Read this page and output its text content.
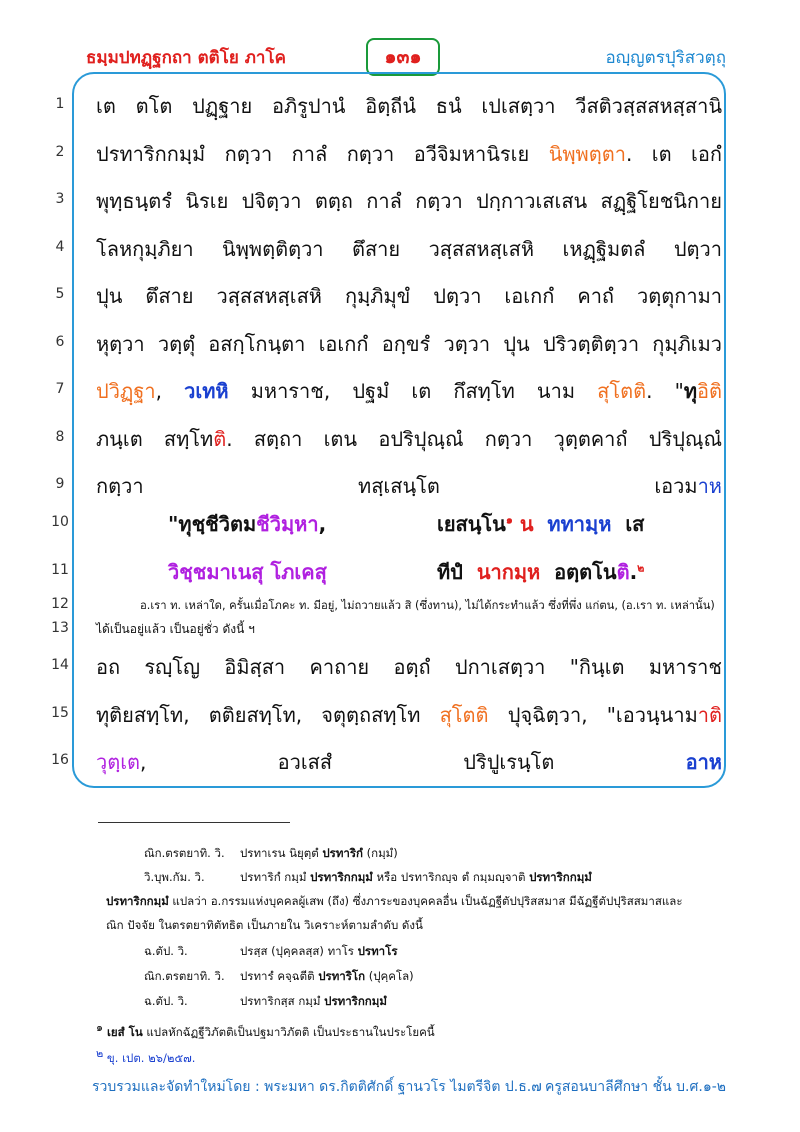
ธมฺมปทฏฺฐกถา ตติโย ภาโค	๑๓๑	อญฺญตรปุริสวตฺถุ
1	เต ตโต ปฏฺฐาย อภิรูปานํ อิตฺถีนํ ธนํ เปเสตฺวา วีสติวสฺสสหสฺสานิ
2	ปรทาริกกมฺมํ กตฺวา กาลํ กตฺวา อวีจิมหานิรเย นิพฺพตฺตา. เต เอกํ
3	พุทฺธนฺตรํ นิรเย ปจิตฺวา ตตฺถ กาลํ กตฺวา ปกฺกาวเสเสน สฏฺฐิโยชนิกาย
4	โลหกุมฺภิยา นิพฺพตฺติตฺวา ตึสาย วสฺสสหสฺเสหิ เหฏฺฐิมตลํ ปตฺวา
5	ปุน ตึสาย วสฺสสหสฺเสหิ กุมฺภิมุขํ ปตฺวา เอเกกํ คาถํ วตฺตุกามา
6	หุตฺวา วตฺตุํ อสกฺโกนฺตา เอเกกํ อกฺขรํ วตฺวา ปุน ปริวตฺติตฺวา กุมฺภิเมว
7	ปวิฏฺฐา, วเทหิ มหาราช, ปฐมํ เต กึสทฺโท นาม สุโตติ. "ทุอิติ
8	ภนฺเต สทฺโทติ. สตฺถา เตน อปริปุณฺณํ กตฺวา วุตฺตคาถํ ปริปุณฺณํ
9	กตฺวา ทสฺเสนฺโต เอวมาห
10	"ทุชฺชีวิตมชีวิมฺหา,	เยสนฺโน$^๑$ น ททามฺห เส
11	วิชฺชมาเนสุ โภเคสุ	ทีปํ นากมฺห อตฺตโนติ.$^๒$
12	อ.เรา ท. เหล่าใด, ครั้นเมื่อโภคะ ท. มีอยู่, ไม่ถวายแล้ว สิ (ซึ่งทาน), ไม่ได้กระทำแล้ว ซึ่งที่พึ่ง แก่ตน, (อ.เรา ท. เหล่านั้น)
13	ได้เป็นอยู่แล้ว เป็นอยู่ชั่ว ดังนี้ ฯ
14	อถ รญฺโญ อิมิสฺสา คาถาย อตฺถํ ปกาเสตฺวา "กินฺเต มหาราช
15	ทุติยสทฺโท, ตติยสทฺโท, จตุตฺถสทฺโท สุโตติ ปุจฺฉิตฺวา, "เอวนฺนามาติ
16	วุตฺเต, อวเสสํ ปริปูเรนฺโต อาห
ณิก.ตรตยาทิ. วิ. ปรทาเรน นิยุตฺตํ ปรทาริกํ (กมฺมํ)
วิ.บุพ.กัม. วิ.	ปรทาริกํ กมฺมํ ปรทาริกกมฺมํ หรือ ปรทาริกญฺจ ตํ กมฺมญฺจาติ ปรทาริกกมฺมํ
ปรทาริกกมฺมํ แปลว่า อ.กรรมแห่งบุคคลผู้เสพ (ถึง) ซึ่งภาระของบุคคลอื่น เป็นฉัฏฐีตัปปุริสสมาส มีฉัฏฐีตัปปุริสสมาสและ
ณิก ปัจจัย ในตรตยาทิตัทธิต เป็นภายใน วิเคราะห์ตามลำดับ ดังนี้
ฉ.ตัป. วิ.	ปรสฺส (ปุคฺคลสฺส) ทาโร ปรทาโร
ณิก.ตรตยาทิ. วิ. ปรทารํ คจฺฉตีติ ปรทาริโก (ปุคฺคโล)
ฉ.ตัป. วิ.	ปรทาริกสฺส กมฺมํ ปรทาริกกมฺมํ
$^๑$ เยสํ โน แปลหักฉัฏฐีวิภัตติเป็นปฐมาวิภัตติ เป็นประธานในประโยคนี้
$^๒$ ขุ. เปต. ๒๖/๒๕๗.
รวบรวมและจัดทำใหม่โดย : พระมหา ดร.กิตติศักดิ์ ฐานวโร ไมตรีจิต ป.ธ.๗ ครูสอนบาลีศึกษา ชั้น บ.ศ.๑-๒
